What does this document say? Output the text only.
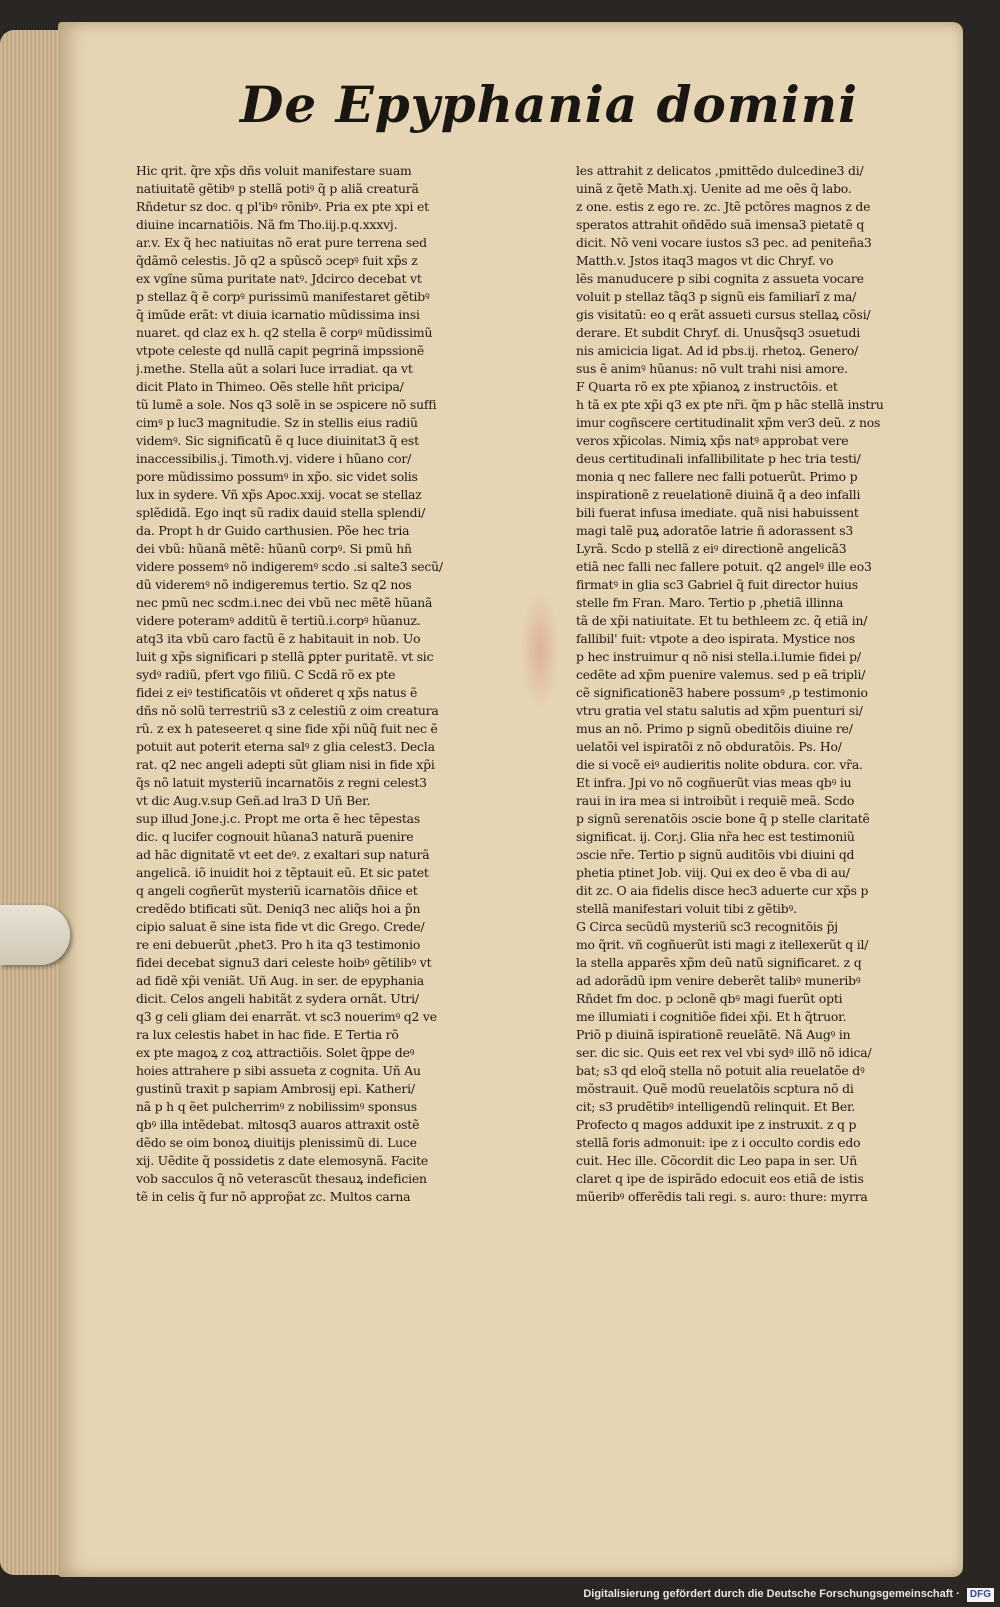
De Epyphania domini
Hic qrit. q̃re xp̃s dñs voluit manifestare suam
natiuitatẽ gẽtibꝰ p stellã potiꝰ q̃ p aliã creaturã
Rñdetur sz doc. q pl'ibꝰ rõnibꝰ. Pria ex pte xpi et
diuine incarnatiõis. Nã fm Tho.iij.p.q.xxxvj.
ar.v. Ex q̃ hec natiuitas nõ erat pure terrena sed
q̃dãmõ celestis. Jõ q2 a spũscõ ɔcepꝰ fuit xp̃s z
ex vgĩne sũma puritate natꝰ. Jdcirco decebat vt
p stellaz q̃ ẽ corpꝰ purissimũ manifestaret gẽtibꝰ
q̃ imũde erãt: vt diuia icarnatio mũdissima insi
nuaret. qd claz ex h. q2 stella ẽ corpꝰ mũdissimũ
vtpote celeste qd nullã capit pegrinã impssionẽ
j.methe. Stella aũt a solari luce irradiat. qa vt
dicit Plato in Thimeo. Oẽs stelle hñt pricipa/
tũ lumẽ a sole. Nos q3 solẽ in se ɔspicere nõ suffi
cimꝰ p luc3 magnitudie. Sz in stellis eius radiũ
videmꝰ. Sic significatũ ẽ q luce diuinitat3 q̃ est
inaccessibilis.j. Timoth.vj. videre i hũano cor/
pore mũdissimo possumꝰ in xp̃o. sic videt solis
lux in sydere. Vñ xp̃s Apoc.xxij. vocat se stellaz
splẽdidã. Ego inqt sũ radix dauid stella splendi/
da. Propt h dr Guido carthusien. Põe hec tria
dei vbũ: hũanã mẽtẽ: hũanũ corpꝰ. Si pmũ hñ
videre possemꝰ nõ indigeremꝰ scdo .si salte3 secũ/
dũ videremꝰ nõ indigeremus tertio. Sz q2 nos
nec pmũ nec scdm.i.nec dei vbũ nec mẽtẽ hũanã
videre poteramꝰ additũ ẽ tertiũ.i.corpꝰ hũanuz.
atq3 ita vbũ caro factũ ẽ z habitauit in nob. Uo
luit g xp̃s significari p stellã ꝑpter puritatẽ. vt sic
sydꝰ radiũ, pfert vgo filiũ. C Scdã rõ ex pte
fidei z eiꝰ testificatõis vt oñderet q xp̃s natus ẽ
dñs nõ solũ terrestriũ s3 z celestiũ z oim creatura
rũ. z ex h pateseeret q sine fide xp̃i nũq̃ fuit nec ẽ
potuit aut poterit eterna salꝰ z glia celest3. Decla
rat. q2 nec angeli adepti sũt gliam nisi in fide xp̃i
q̃s nõ latuit mysteriũ incarnatõis z regni celest3
vt dic Aug.v.sup Geñ.ad lra3 D Uñ Ber.
sup illud Jone.j.c. Propt me orta ẽ hec tẽpestas
dic. q lucifer cognouit hũana3 naturã puenire
ad hãc dignitatẽ vt eet deꝰ. z exaltari sup naturã
angelicã. iõ inuidit hoi z tẽptauit eũ. Et sic patet
q angeli cogñerũt mysteriũ icarnatõis dñice et
credẽdo btificati sũt. Deniq3 nec aliq̃s hoi a p̃n
cipio saluat ẽ sine ista fide vt dic Grego. Crede/
re eni debuerũt ,phet3. Pro h ita q3 testimonio
fidei decebat signu3 dari celeste hoibꝰ gẽtilibꝰ vt
ad fidẽ xp̃i veniãt. Uñ Aug. in ser. de epyphania
dicit. Celos angeli habitãt z sydera ornãt. Utri/
q3 g celi gliam dei enarrãt. vt sc3 nouerimꝰ q2 ve
ra lux celestis habet in hac fide. E Tertia rõ
ex pte magoꝝ z coꝝ attractiõis. Solet q̃ppe deꝰ
hoies attrahere p sibi assueta z cognita. Uñ Au
gustinũ traxit p sapiam Ambrosij epi. Katheri/
nã p h q ẽet pulcherrimꝰ z nobilissimꝰ sponsus
qbꝰ illa intẽdebat. mltosq3 auaros attraxit ostẽ
dẽdo se oim bonoꝝ diuitijs plenissimũ di. Luce
xij. Uẽdite q̃ possidetis z date elemosynã. Facite
vob sacculos q̃ nõ veterascũt thesauꝝ indeficien
tẽ in celis q̃ fur nõ approp̃at zc. Multos carna
les attrahit z delicatos ,pmittẽdo dulcedine3 di/
uinã z q̃etẽ Math.xj. Uenite ad me oẽs q̃ labo.
z one. estis z ego re. zc. Jtẽ pctõres magnos z de
speratos attrahit oñdẽdo suã imensa3 pietatẽ q
dicit. Nõ veni vocare iustos s3 pec. ad peniteña3
Matth.v. Jstos itaq3 magos vt dic Chryf. vo
lẽs manuducere p sibi cognita z assueta vocare
voluit p stellaz tãq3 p signũ eis familiarĩ z ma/
gis visitatũ: eo q erãt assueti cursus stellaꝝ cõsi/
derare. Et subdit Chryf. di. Unusq̃sq3 ɔsuetudi
nis amicicia ligat. Ad id pbs.ij. rhetoꝝ. Genero/
sus ẽ animꝰ hũanus: nõ vult trahi nisi amore.
F Quarta rõ ex pte xp̃ianoꝝ z instructõis. et
h tã ex pte xp̃i q3 ex pte nr̃i. q̃m p hãc stellã instru
imur cogñscere certitudinalit xp̃m ver3 deũ. z nos
veros xp̃icolas. Nimiꝝ xp̃s natꝰ approbat vere
deus certitudinali infallibilitate p hec tria testi/
monia q nec fallere nec falli potuerũt. Primo p
inspirationẽ z reuelationẽ diuinã q̃ a deo infalli
bili fuerat infusa imediate. quã nisi habuissent
magi talẽ puꝝ adoratõe latrie ñ adorassent s3
Lyrã. Scdo p stellã z eiꝰ directionẽ angelicã3
etiã nec falli nec fallere potuit. q2 angelꝰ ille eo3
firmatꝰ in glia sc3 Gabriel q̃ fuit director huius
stelle fm Fran. Maro. Tertio p ,phetiã illinna
tã de xp̃i natiuitate. Et tu bethleem zc. q̃ etiã in/
fallibil' fuit: vtpote a deo ispirata. Mystice nos
p hec instruimur q nõ nisi stella.i.lumie fidei p/
cedẽte ad xp̃m puenire valemus. sed p eã tripli/
cẽ significationẽ3 habere possumꝰ ,p testimonio
vtru gratia vel statu salutis ad xp̃m puenturi si/
mus an nõ. Primo p signũ obeditõis diuine re/
uelatõi vel ispiratõi z nõ obduratõis. Ps. Ho/
die si vocẽ eiꝰ audieritis nolite obdura. cor. vr̃a.
Et infra. Jpi vo nõ cogñuerũt vias meas qbꝰ iu
raui in ira mea si introibũt i requiẽ meã. Scdo
p signũ serenatõis ɔscie bone q̃ p stelle claritatẽ
significat. ij. Cor.j. Glia nr̃a hec est testimoniũ
ɔscie nr̃e. Tertio p signũ auditõis vbi diuini qd
phetia ptinet Job. viij. Qui ex deo ẽ vba di au/
dit zc. O aia fidelis disce hec3 aduerte cur xp̃s p
stellã manifestari voluit tibi z gẽtibꝰ.
G Circa secũdũ mysteriũ sc3 recognitõis p̃j
mo q̃rit. vñ cogñuerũt isti magi z itellexerũt q il/
la stella apparẽs xp̃m deũ natũ significaret. z q
ad adorãdũ ipm venire deberẽt talibꝰ muneribꝰ
Rñdet fm doc. p ɔclonẽ qbꝰ magi fuerũt opti
me illumiati i cognitiõe fidei xp̃i. Et h q̃truor.
Priõ p diuinã ispirationẽ reuelãtẽ. Nã Augꝰ in
ser. dic sic. Quis eet rex vel vbi sydꝰ illõ nõ idica/
bat; s3 qd eloq̃ stella nõ potuit alia reuelatõe dꝰ
mõstrauit. Quẽ modũ reuelatõis scptura nõ di
cit; s3 prudẽtibꝰ intelligendũ relinquit. Et Ber.
Profecto q magos adduxit ipe z instruxit. z q p
stellã foris admonuit: ipe z i occulto cordis edo
cuit. Hec ille. Cõcordit dic Leo papa in ser. Uñ
claret q ipe de ispirãdo edocuit eos etiã de istis
mũeribꝰ offerẽdis tali regi. s. auro: thure: myrra
Digitalisierung gefördert durch die Deutsche Forschungsgemeinschaft · DFG
